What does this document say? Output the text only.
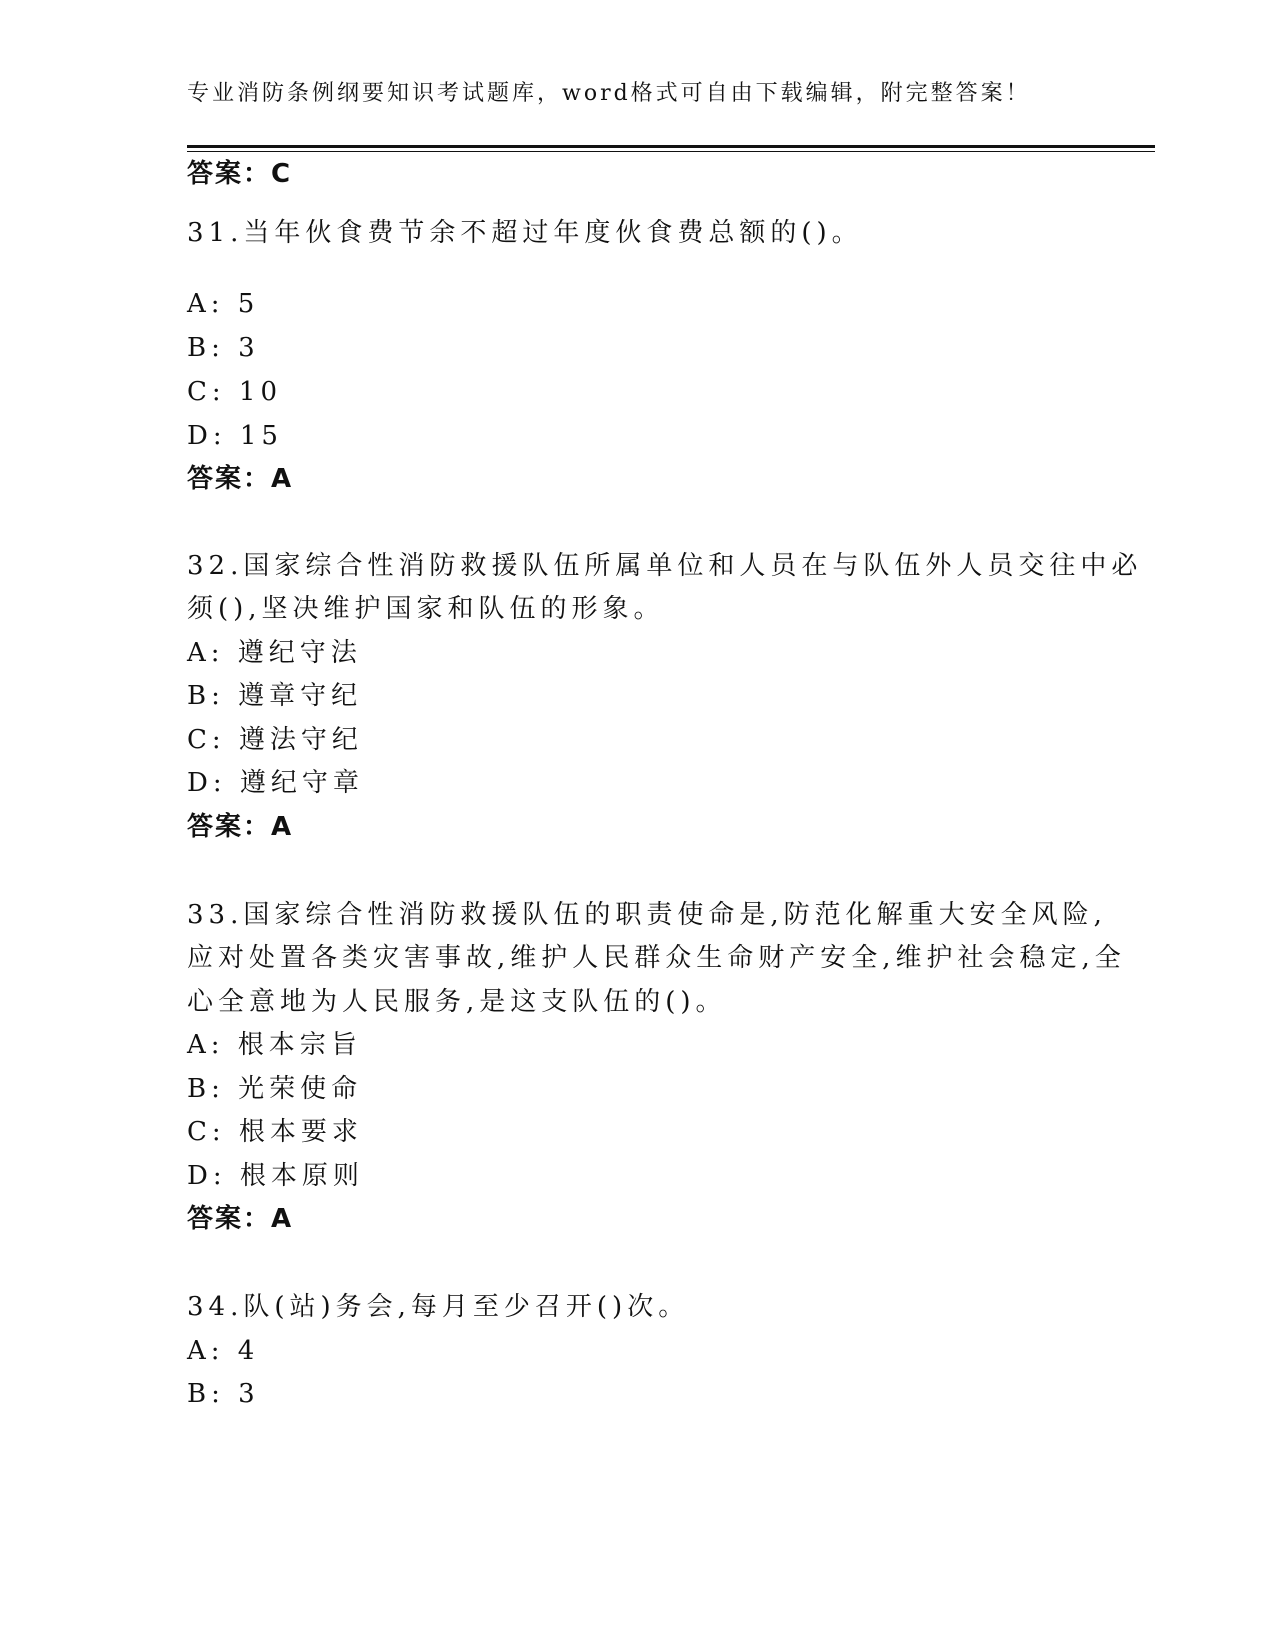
专业消防条例纲要知识考试题库，word格式可自由下载编辑，附完整答案！
答案：C
31.当年伙食费节余不超过年度伙食费总额的()。
A: 5
B: 3
C: 10
D: 15
答案：A
32.国家综合性消防救援队伍所属单位和人员在与队伍外人员交往中必
须(),坚决维护国家和队伍的形象。
A: 遵纪守法
B: 遵章守纪
C: 遵法守纪
D: 遵纪守章
答案：A
33.国家综合性消防救援队伍的职责使命是,防范化解重大安全风险,
应对处置各类灾害事故,维护人民群众生命财产安全,维护社会稳定,全
心全意地为人民服务,是这支队伍的()。
A: 根本宗旨
B: 光荣使命
C: 根本要求
D: 根本原则
答案：A
34.队(站)务会,每月至少召开()次。
A: 4
B: 3
